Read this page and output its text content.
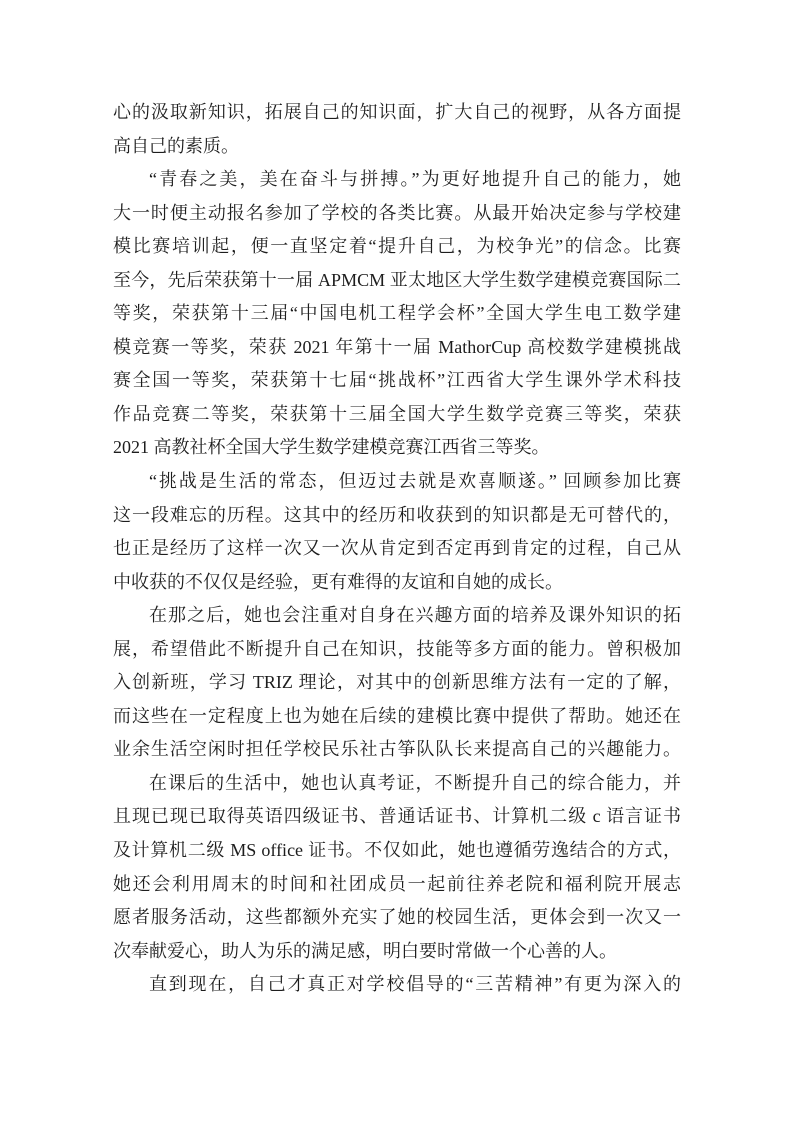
心的汲取新知识，拓展自己的知识面，扩大自己的视野，从各方面提
高自己的素质。
“青春之美，美在奋斗与拼搏。”为更好地提升自己的能力，她
大一时便主动报名参加了学校的各类比赛。从最开始决定参与学校建
模比赛培训起，便一直坚定着“提升自己，为校争光”的信念。比赛
至今，先后荣获第十一届 APMCM 亚太地区大学生数学建模竞赛国际二
等奖，荣获第十三届“中国电机工程学会杯”全国大学生电工数学建
模竞赛一等奖，荣获 2021 年第十一届 MathorCup 高校数学建模挑战
赛全国一等奖，荣获第十七届“挑战杯”江西省大学生课外学术科技
作品竞赛二等奖，荣获第十三届全国大学生数学竞赛三等奖，荣获
2021 高教社杯全国大学生数学建模竞赛江西省三等奖。
“挑战是生活的常态，但迈过去就是欢喜顺遂。” 回顾参加比赛
这一段难忘的历程。这其中的经历和收获到的知识都是无可替代的，
也正是经历了这样一次又一次从肯定到否定再到肯定的过程，自己从
中收获的不仅仅是经验，更有难得的友谊和自她的成长。
在那之后，她也会注重对自身在兴趣方面的培养及课外知识的拓
展，希望借此不断提升自己在知识，技能等多方面的能力。曾积极加
入创新班，学习 TRIZ 理论，对其中的创新思维方法有一定的了解，
而这些在一定程度上也为她在后续的建模比赛中提供了帮助。她还在
业余生活空闲时担任学校民乐社古筝队队长来提高自己的兴趣能力。
在课后的生活中，她也认真考证，不断提升自己的综合能力，并
且现已现已取得英语四级证书、普通话证书、计算机二级 c 语言证书
及计算机二级 MS office 证书。不仅如此，她也遵循劳逸结合的方式，
她还会利用周末的时间和社团成员一起前往养老院和福利院开展志
愿者服务活动，这些都额外充实了她的校园生活，更体会到一次又一
次奉献爱心，助人为乐的满足感，明白要时常做一个心善的人。
直到现在，自己才真正对学校倡导的“三苦精神”有更为深入的
